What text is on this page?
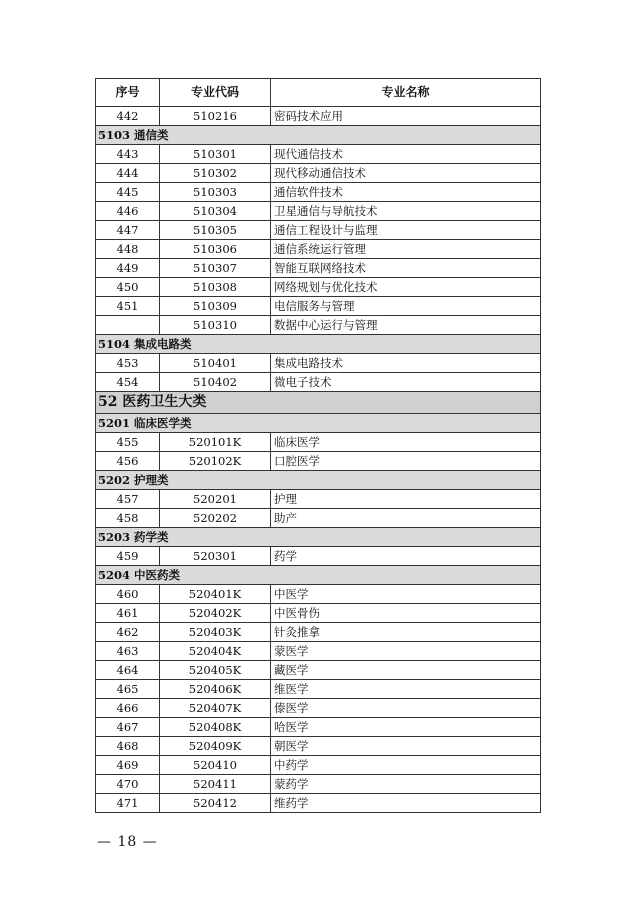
序号	专业代码	专业名称
442	510216	密码技术应用
5103 通信类		
443	510301	现代通信技术
444	510302	现代移动通信技术
445	510303	通信软件技术
446	510304	卫星通信与导航技术
447	510305	通信工程设计与监理
448	510306	通信系统运行管理
449	510307	智能互联网络技术
450	510308	网络规划与优化技术
451	510309	电信服务与管理
	510310	数据中心运行与管理
5104 集成电路类		
453	510401	集成电路技术
454	510402	微电子技术
52 医药卫生大类		
5201 临床医学类		
455	520101K	临床医学
456	520102K	口腔医学
5202 护理类		
457	520201	护理
458	520202	助产
5203 药学类		
459	520301	药学
5204 中医药类		
460	520401K	中医学
461	520402K	中医骨伤
462	520403K	针灸推拿
463	520404K	蒙医学
464	520405K	藏医学
465	520406K	维医学
466	520407K	傣医学
467	520408K	哈医学
468	520409K	朝医学
469	520410	中药学
470	520411	蒙药学
471	520412	维药学
— 18 —
